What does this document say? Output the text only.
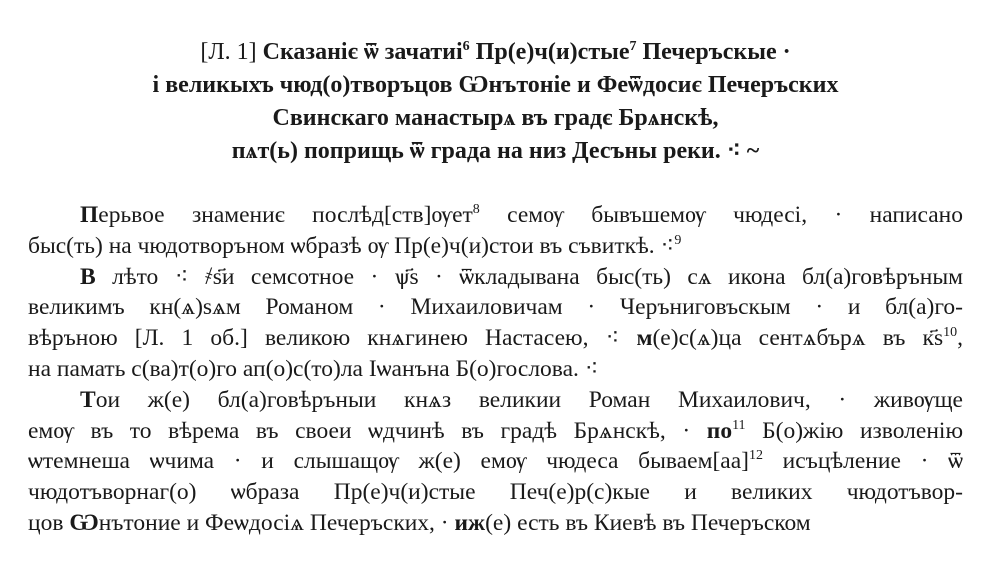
[Л. 1] Сказаніє ѿ зачатиі$^6$ Пр(е)ч(и)стые$^7$ Печеръскые ·
і великыхъ чюд(о)творъцов Ѡнътоніе и Феѿдосиє Печеръских
Свинскаго манастырѧ въ градє Брѧнскѣ,
пѧт(ь) поприщь ѿ града на низ Десъны реки. ⁖ ~
Перьвое знамениє послѣд[ств]ѹет$^8$ семѹ бывъшемѹ чюдесі, · написано
быс(ть) на чюдотворъном ѡбразѣ ѹ Пр(е)ч(и)стои въ съвиткѣ. ⁖$^9$
В лѣто ⁖ ҂ѕ҃и семсотное · ѱ҃s · ѿкладывана быс(ть) сѧ икона бл(а)говѣръным
великимъ кн(ѧ)ѕѧм Романом · Михаиловичам · Черъниговъскым · и бл(а)го-
вѣръною [Л. 1 об.] великою кнѧгинею Настасею, ⁖ м(е)с(ѧ)ца сентѧбърѧ въ $к҃s^{10}$,
на памать с(ва)т(о)го ап(о)с(то)ла Іѡанъна Б(о)гослова. ⁖
Тои ж(е) бл(а)говѣръныи кнѧз великии Роман Михаилович, · живѹще
емѹ въ то вѣрема въ своеи ѡдчинѣ въ градѣ Брѧнскѣ, · $по^{11}$ Б(о)жію изволенію
ѡтемнеша ѡчима · и слышащѹ ж(е) емѹ чюдеса бываем[аа]$^{12}$ исъцѣление · ѿ
чюдотъворнаг(о) ѡбраза Пр(е)ч(и)стые Печ(е)р(с)кые и великих чюдотъвор-
цов Ѡнътоние и Феѡдосіѧ Печеръских, · иж(е) есть въ Киевѣ въ Печеръском
